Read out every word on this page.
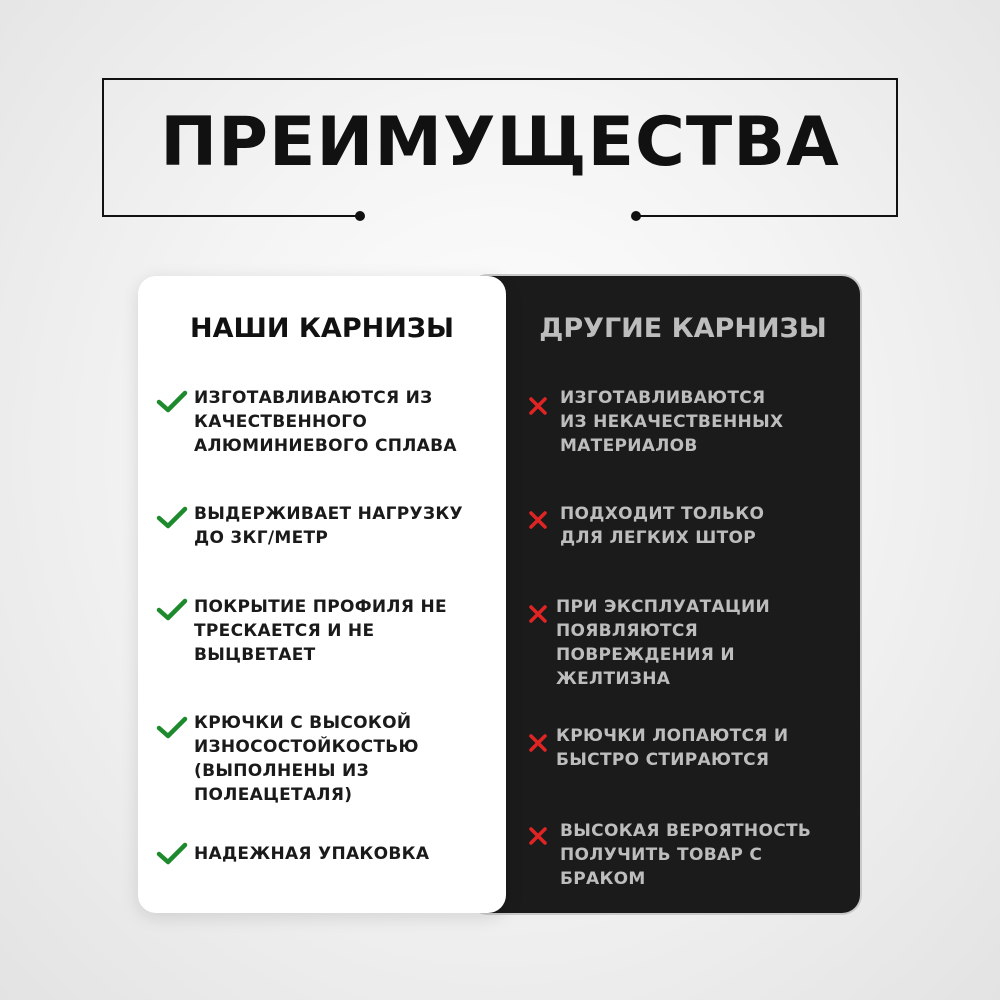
ПРЕИМУЩЕСТВА
НАШИ КАРНИЗЫ	ДРУГИЕ КАРНИЗЫ
ИЗГОТАВЛИВАЮТСЯ ИЗ
КАЧЕСТВЕННОГО
АЛЮМИНИЕВОГО СПЛАВА
ВЫДЕРЖИВАЕТ НАГРУЗКУ
ДО 3КГ/МЕТР
ПОКРЫТИЕ ПРОФИЛЯ НЕ
ТРЕСКАЕТСЯ И НЕ
ВЫЦВЕТАЕТ
КРЮЧКИ С ВЫСОКОЙ
ИЗНОСОСТОЙКОСТЬЮ
(ВЫПОЛНЕНЫ ИЗ
ПОЛЕАЦЕТАЛЯ)
НАДЕЖНАЯ УПАКОВКА
ИЗГОТАВЛИВАЮТСЯ
ИЗ НЕКАЧЕСТВЕННЫХ
МАТЕРИАЛОВ
ПОДХОДИТ ТОЛЬКО
ДЛЯ ЛЕГКИХ ШТОР
ПРИ ЭКСПЛУАТАЦИИ
ПОЯВЛЯЮТСЯ
ПОВРЕЖДЕНИЯ И
ЖЕЛТИЗНА
КРЮЧКИ ЛОПАЮТСЯ И
БЫСТРО СТИРАЮТСЯ
ВЫСОКАЯ ВЕРОЯТНОСТЬ
ПОЛУЧИТЬ ТОВАР С
БРАКОМ
